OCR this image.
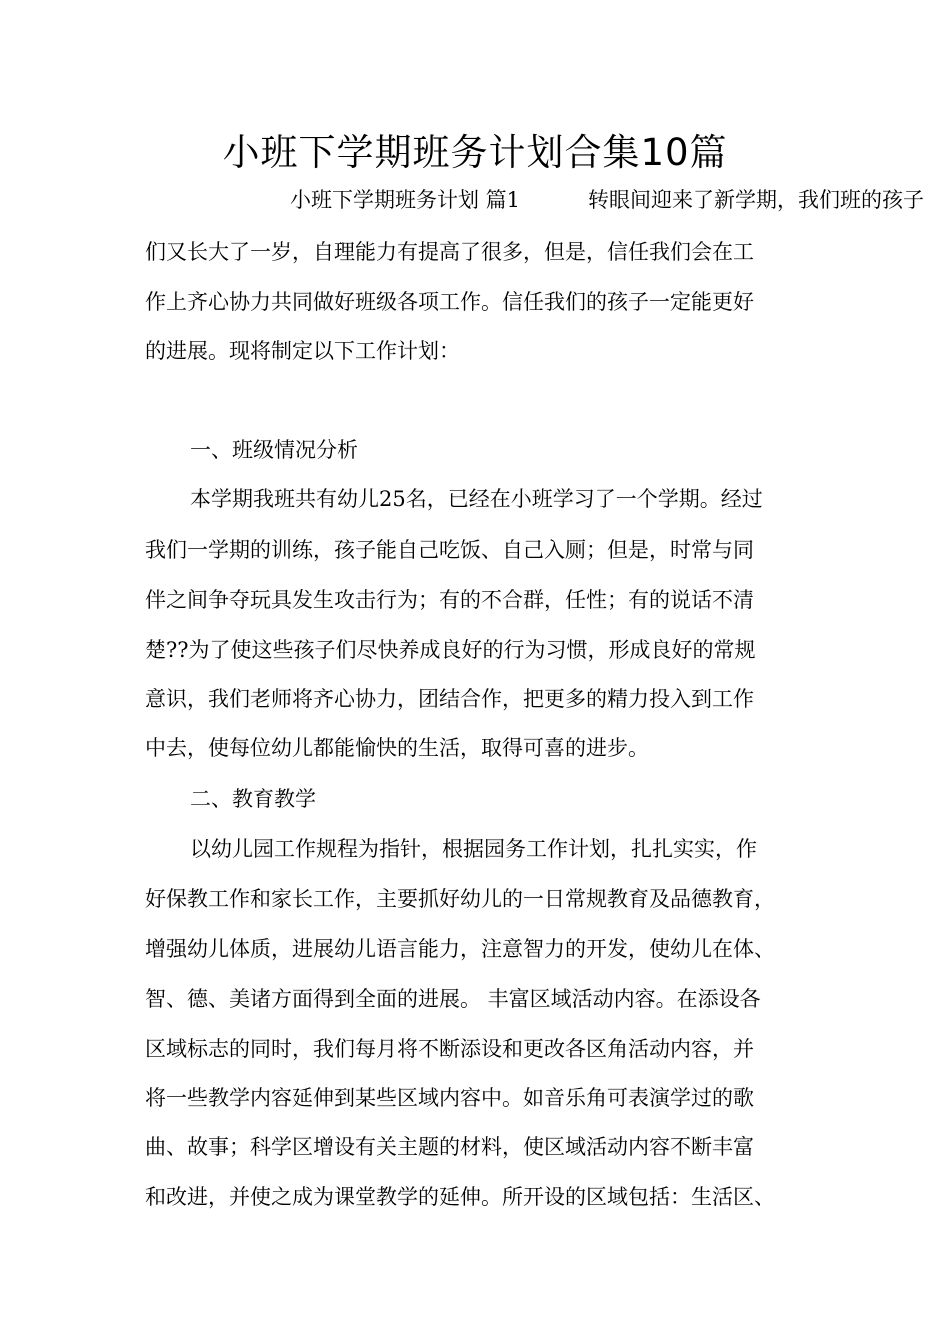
小班下学期班务计划合集10篇
小班下学期班务计划 篇1	转眼间迎来了新学期，我们班的孩子
们又长大了一岁，自理能力有提高了很多，但是，信任我们会在工
作上齐心协力共同做好班级各项工作。信任我们的孩子一定能更好
的进展。现将制定以下工作计划：
一、班级情况分析
本学期我班共有幼儿25名，已经在小班学习了一个学期。经过
我们一学期的训练，孩子能自己吃饭、自己入厕；但是，时常与同
伴之间争夺玩具发生攻击行为；有的不合群，任性；有的说话不清
楚??为了使这些孩子们尽快养成良好的行为习惯，形成良好的常规
意识，我们老师将齐心协力，团结合作，把更多的精力投入到工作
中去，使每位幼儿都能愉快的生活，取得可喜的进步。
二、教育教学
以幼儿园工作规程为指针，根据园务工作计划，扎扎实实，作
好保教工作和家长工作，主要抓好幼儿的一日常规教育及品德教育，
增强幼儿体质，进展幼儿语言能力，注意智力的开发，使幼儿在体、
智、德、美诸方面得到全面的进展。 丰富区域活动内容。在添设各
区域标志的同时，我们每月将不断添设和更改各区角活动内容，并
将一些教学内容延伸到某些区域内容中。如音乐角可表演学过的歌
曲、故事；科学区增设有关主题的材料，使区域活动内容不断丰富
和改进，并使之成为课堂教学的延伸。所开设的区域包括：生活区、
